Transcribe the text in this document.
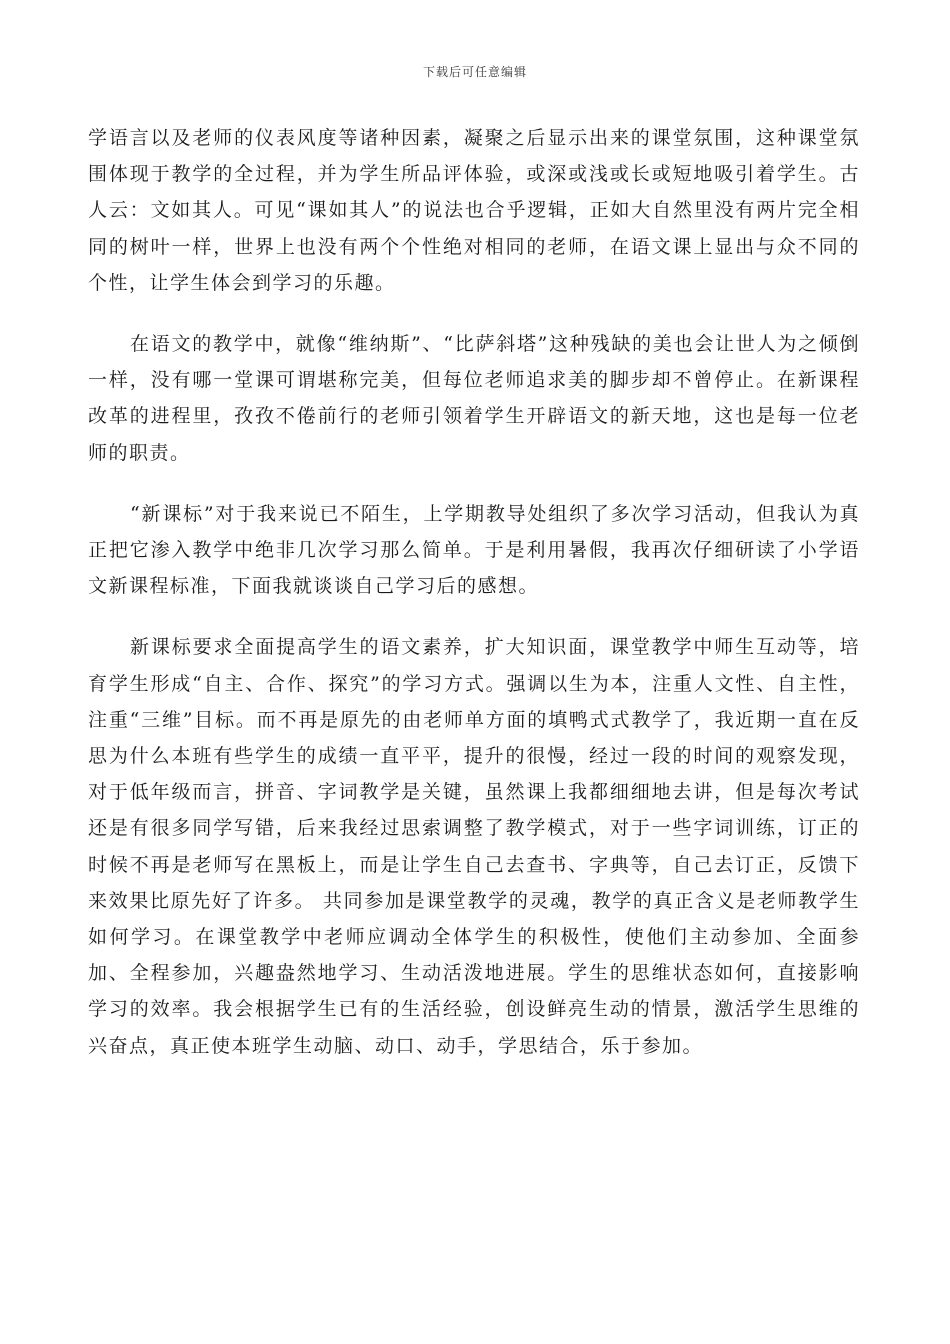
下载后可任意编辑

学语言以及老师的仪表风度等诸种因素，凝聚之后显示出来的课堂氛围，这种课堂氛围体现于教学的全过程，并为学生所品评体验，或深或浅或长或短地吸引着学生。古人云：文如其人。可见“课如其人”的说法也合乎逻辑，正如大自然里没有两片完全相同的树叶一样，世界上也没有两个个性绝对相同的老师，在语文课上显出与众不同的个性，让学生体会到学习的乐趣。

在语文的教学中，就像“维纳斯”、“比萨斜塔”这种残缺的美也会让世人为之倾倒一样，没有哪一堂课可谓堪称完美，但每位老师追求美的脚步却不曾停止。在新课程改革的进程里，孜孜不倦前行的老师引领着学生开辟语文的新天地，这也是每一位老师的职责。

“新课标”对于我来说已不陌生，上学期教导处组织了多次学习活动，但我认为真正把它渗入教学中绝非几次学习那么简单。于是利用暑假，我再次仔细研读了小学语文新课程标准，下面我就谈谈自己学习后的感想。

新课标要求全面提高学生的语文素养，扩大知识面，课堂教学中师生互动等，培育学生形成“自主、合作、探究”的学习方式。强调以生为本，注重人文性、自主性，注重“三维”目标。而不再是原先的由老师单方面的填鸭式式教学了，我近期一直在反思为什么本班有些学生的成绩一直平平，提升的很慢，经过一段的时间的观察发现，对于低年级而言，拼音、字词教学是关键，虽然课上我都细细地去讲，但是每次考试还是有很多同学写错，后来我经过思索调整了教学模式，对于一些字词训练，订正的时候不再是老师写在黑板上，而是让学生自己去查书、字典等，自己去订正，反馈下来效果比原先好了许多。 共同参加是课堂教学的灵魂，教学的真正含义是老师教学生如何学习。在课堂教学中老师应调动全体学生的积极性，使他们主动参加、全面参加、全程参加，兴趣盎然地学习、生动活泼地进展。学生的思维状态如何，直接影响学习的效率。我会根据学生已有的生活经验，创设鲜亮生动的情景，激活学生思维的兴奋点，真正使本班学生动脑、动口、动手，学思结合，乐于参加。
